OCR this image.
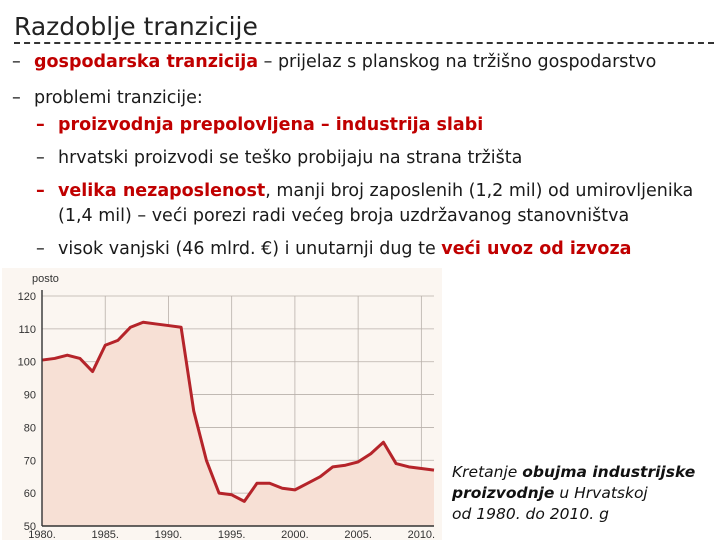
Razdoblje tranzicije
– gospodarska tranzicija – prijelaz s planskog na tržišno gospodarstvo
– problemi tranzicije:
– proizvodnja prepolovljena – industrija slabi
– hrvatski proizvodi se teško probijaju na strana tržišta
– velika nezaposlenost, manji broj zaposlenih (1,2 mil) od umirovljenika
(1,4 mil) – veći porezi radi većeg broja uzdržavanog stanovništva
– visok vanjski (46 mlrd. €) i unutarnji dug te veći uvoz od izvoza
120
110
100
90
80
70
60
50
1980.	1985.	1990.	1995.	2000.	2005.	2010.
posto
Kretanje obujma industrijske proizvodnje u Hrvatskoj
od 1980. do 2010. g
